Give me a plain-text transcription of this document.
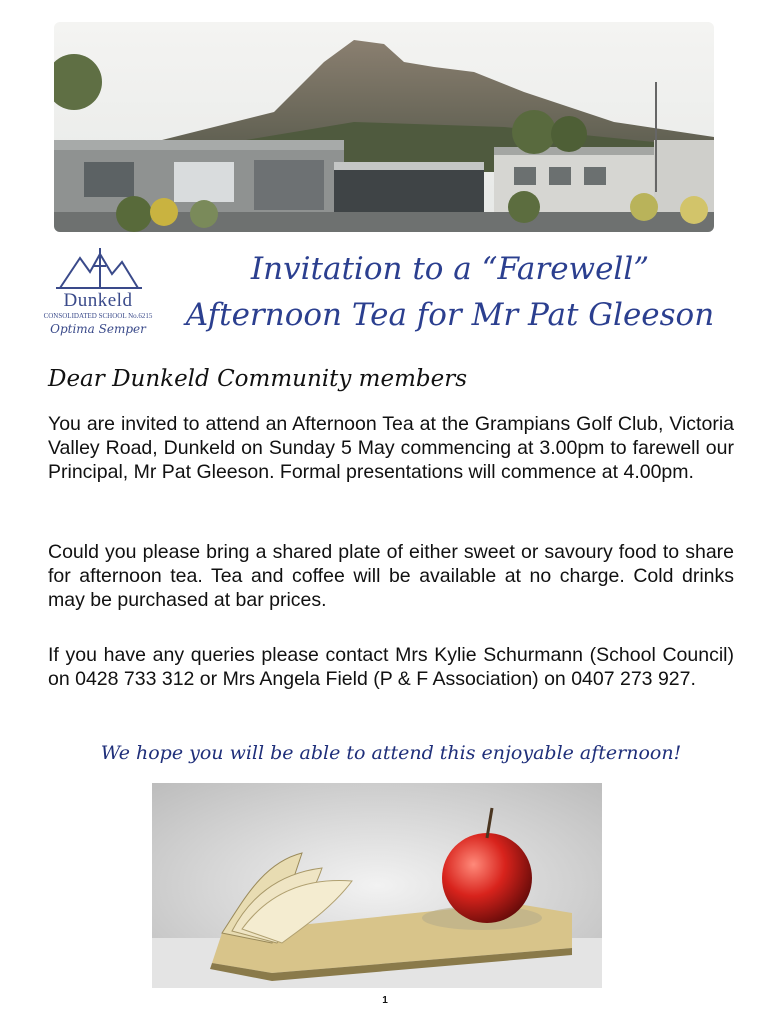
Dunkeld
CONSOLIDATED SCHOOL No.6215
Optima Semper
Invitation to a “Farewell”
Afternoon Tea for Mr Pat Gleeson
Dear Dunkeld Community members
You are invited to attend an Afternoon Tea at the Grampians Golf Club, Victoria Valley Road, Dunkeld on Sunday 5 May commencing at 3.00pm to farewell our Principal, Mr Pat Gleeson. Formal presentations will commence at 4.00pm.
Could you please bring a shared plate of either sweet or savoury food to share for afternoon tea. Tea and coffee will be available at no charge. Cold drinks may be purchased at bar prices.
If you have any queries please contact Mrs Kylie Schurmann (School Council) on 0428 733 312 or Mrs Angela Field (P & F Association) on 0407 273 927.
We hope you will be able to attend this enjoyable afternoon!
1
